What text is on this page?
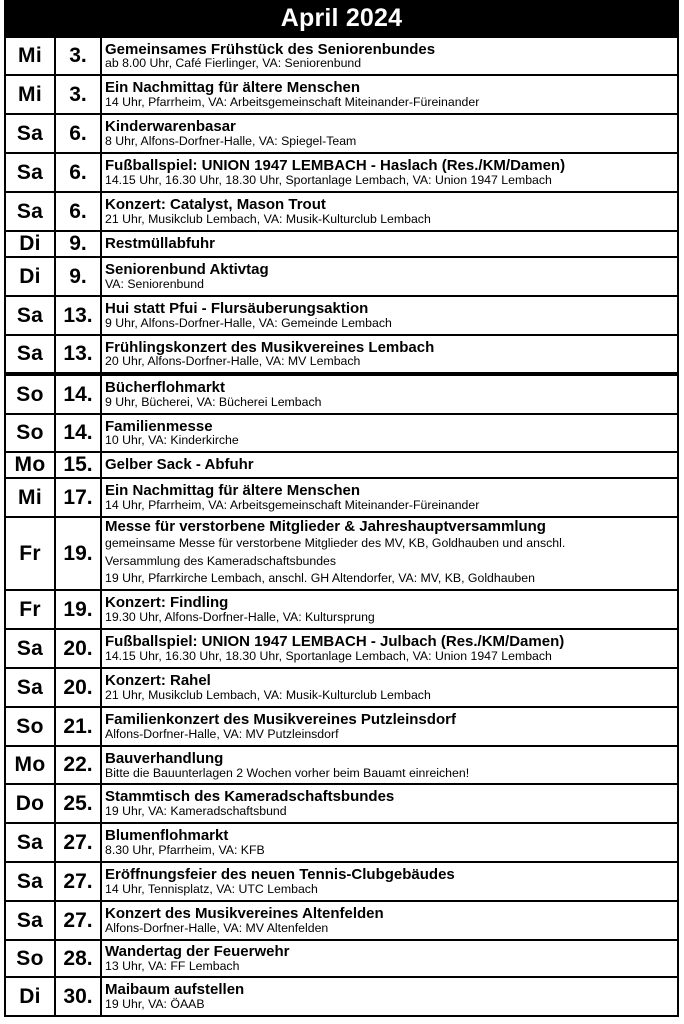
April 2024
Mi	3.	Gemeinsames Frühstück des Seniorenbundes
ab 8.00 Uhr, Café Fierlinger, VA: Seniorenbund

Mi	3.	Ein Nachmittag für ältere Menschen
14 Uhr, Pfarrheim, VA: Arbeitsgemeinschaft Miteinander-Füreinander

Sa	6.	Kinderwarenbasar
8 Uhr, Alfons-Dorfner-Halle, VA: Spiegel-Team

Sa	6.	Fußballspiel: UNION 1947 LEMBACH - Haslach (Res./KM/Damen)
14.15 Uhr, 16.30 Uhr, 18.30 Uhr, Sportanlage Lembach, VA: Union 1947 Lembach

Sa	6.	Konzert: Catalyst, Mason Trout
21 Uhr, Musikclub Lembach, VA: Musik-Kulturclub Lembach

Di	9.	Restmüllabfuhr

Di	9.	Seniorenbund Aktivtag
VA: Seniorenbund

Sa	13.	Hui statt Pfui - Flursäuberungsaktion
9 Uhr, Alfons-Dorfner-Halle, VA: Gemeinde Lembach

Sa	13.	Frühlingskonzert des Musikvereines Lembach
20 Uhr, Alfons-Dorfner-Halle, VA: MV Lembach

So	14.	Bücherflohmarkt
9 Uhr, Bücherei, VA: Bücherei Lembach

So	14.	Familienmesse
10 Uhr, VA: Kinderkirche

Mo	15.	Gelber Sack - Abfuhr

Mi	17.	Ein Nachmittag für ältere Menschen
14 Uhr, Pfarrheim, VA: Arbeitsgemeinschaft Miteinander-Füreinander

Fr	19.	Messe für verstorbene Mitglieder & Jahreshauptversammlung
gemeinsame Messe für verstorbene Mitglieder des MV, KB, Goldhauben und anschl.
Versammlung des Kameradschaftsbundes
19 Uhr, Pfarrkirche Lembach, anschl. GH Altendorfer, VA: MV, KB, Goldhauben

Fr	19.	Konzert: Findling
19.30 Uhr, Alfons-Dorfner-Halle, VA: Kultursprung

Sa	20.	Fußballspiel: UNION 1947 LEMBACH - Julbach (Res./KM/Damen)
14.15 Uhr, 16.30 Uhr, 18.30 Uhr, Sportanlage Lembach, VA: Union 1947 Lembach

Sa	20.	Konzert: Rahel
21 Uhr, Musikclub Lembach, VA: Musik-Kulturclub Lembach

So	21.	Familienkonzert des Musikvereines Putzleinsdorf
Alfons-Dorfner-Halle, VA: MV Putzleinsdorf

Mo	22.	Bauverhandlung
Bitte die Bauunterlagen 2 Wochen vorher beim Bauamt einreichen!

Do	25.	Stammtisch des Kameradschaftsbundes
19 Uhr, VA: Kameradschaftsbund

Sa	27.	Blumenflohmarkt
8.30 Uhr, Pfarrheim, VA: KFB

Sa	27.	Eröffnungsfeier des neuen Tennis-Clubgebäudes
14 Uhr, Tennisplatz, VA: UTC Lembach

Sa	27.	Konzert des Musikvereines Altenfelden
Alfons-Dorfner-Halle, VA: MV Altenfelden

So	28.	Wandertag der Feuerwehr
13 Uhr, VA: FF Lembach

Di	30.	Maibaum aufstellen
19 Uhr, VA: ÖAAB
